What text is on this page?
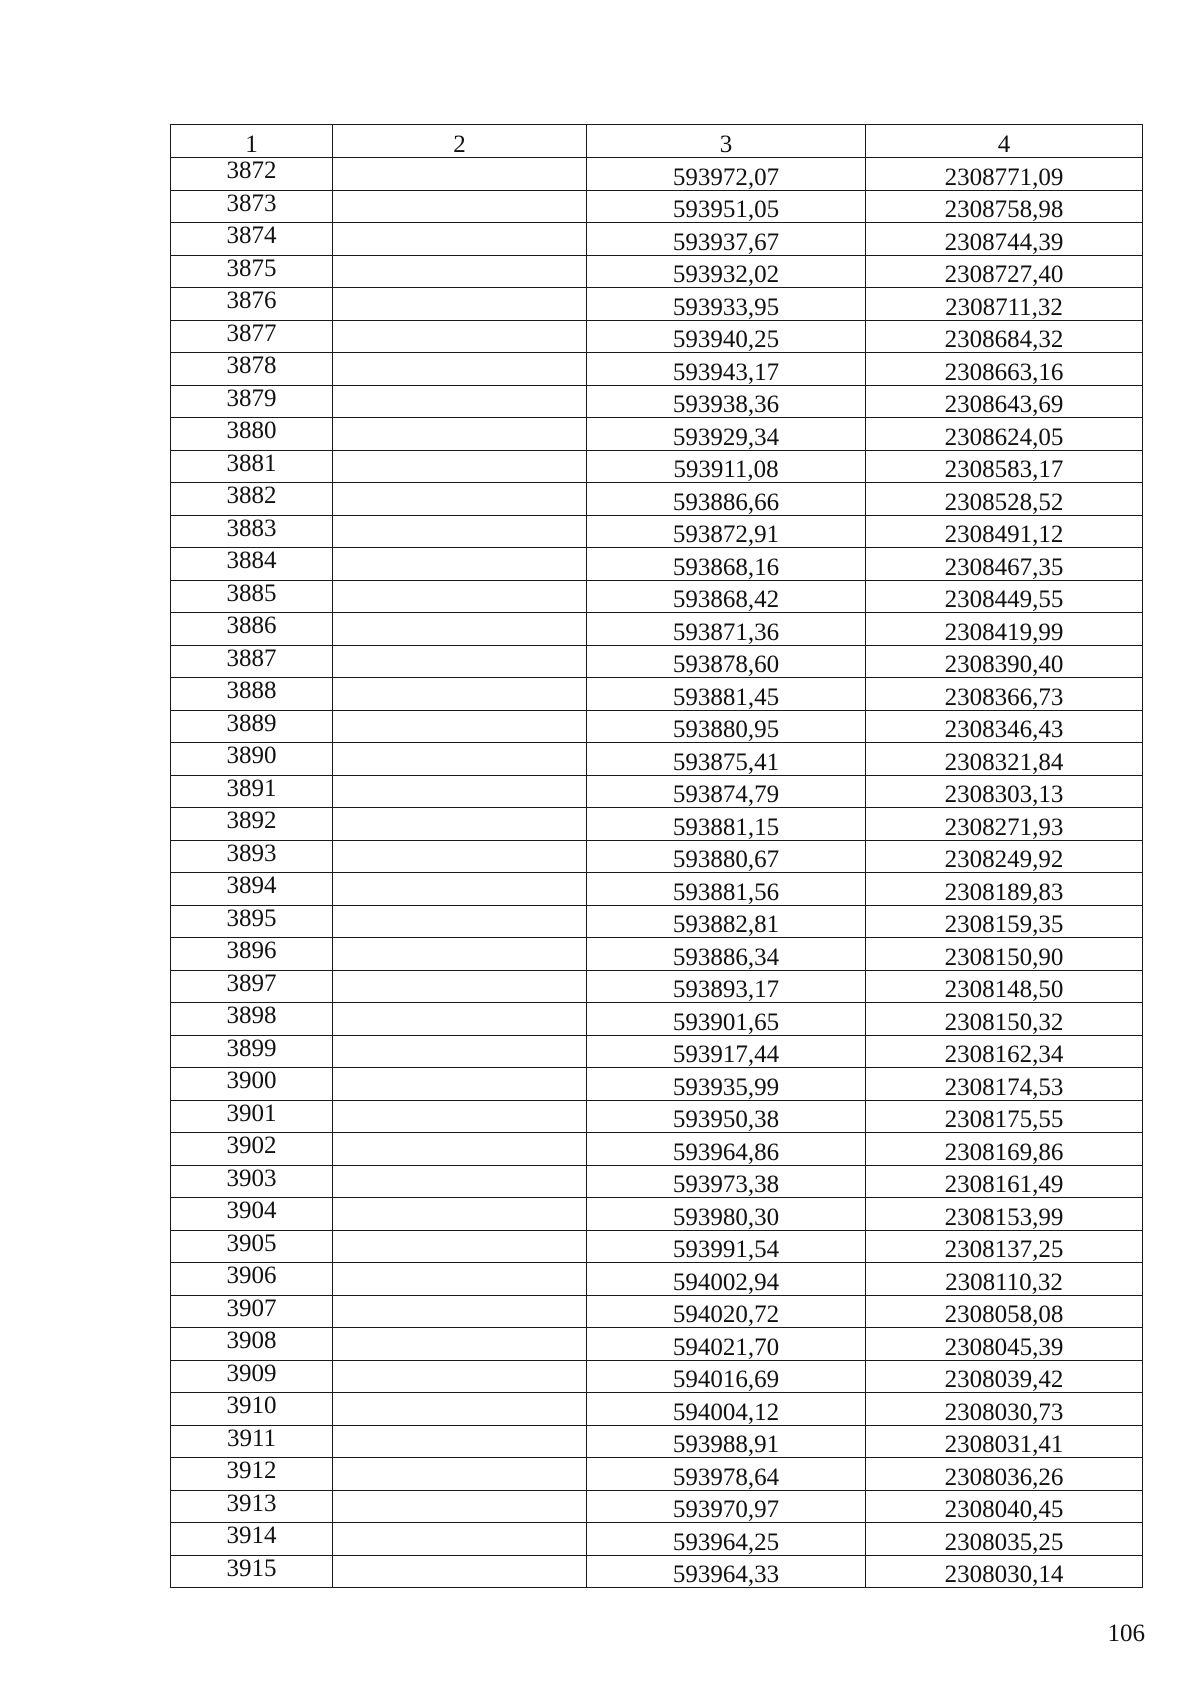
1	2	3	4
3872		593972,07	2308771,09
3873		593951,05	2308758,98
3874		593937,67	2308744,39
3875		593932,02	2308727,40
3876		593933,95	2308711,32
3877		593940,25	2308684,32
3878		593943,17	2308663,16
3879		593938,36	2308643,69
3880		593929,34	2308624,05
3881		593911,08	2308583,17
3882		593886,66	2308528,52
3883		593872,91	2308491,12
3884		593868,16	2308467,35
3885		593868,42	2308449,55
3886		593871,36	2308419,99
3887		593878,60	2308390,40
3888		593881,45	2308366,73
3889		593880,95	2308346,43
3890		593875,41	2308321,84
3891		593874,79	2308303,13
3892		593881,15	2308271,93
3893		593880,67	2308249,92
3894		593881,56	2308189,83
3895		593882,81	2308159,35
3896		593886,34	2308150,90
3897		593893,17	2308148,50
3898		593901,65	2308150,32
3899		593917,44	2308162,34
3900		593935,99	2308174,53
3901		593950,38	2308175,55
3902		593964,86	2308169,86
3903		593973,38	2308161,49
3904		593980,30	2308153,99
3905		593991,54	2308137,25
3906		594002,94	2308110,32
3907		594020,72	2308058,08
3908		594021,70	2308045,39
3909		594016,69	2308039,42
3910		594004,12	2308030,73
3911		593988,91	2308031,41
3912		593978,64	2308036,26
3913		593970,97	2308040,45
3914		593964,25	2308035,25
3915		593964,33	2308030,14
106
